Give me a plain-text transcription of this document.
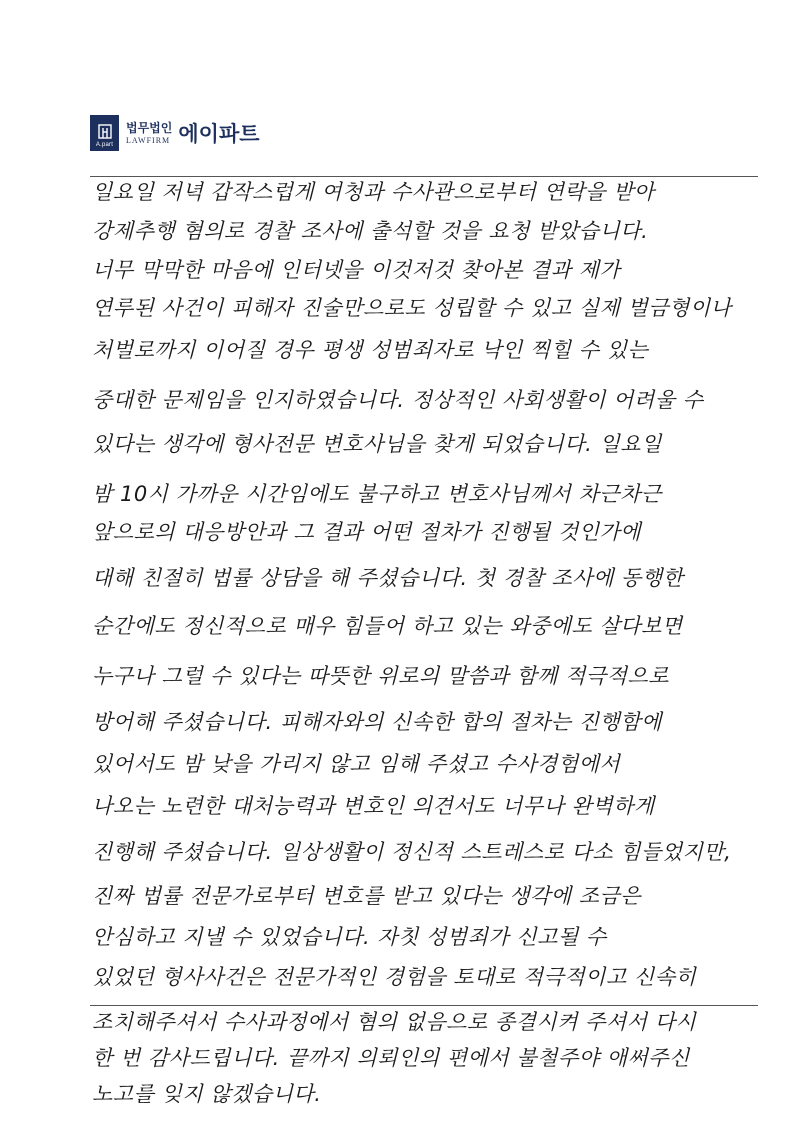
A.part
법무법인
LAWFIRM 에이파트
일요일 저녁 갑작스럽게 여청과 수사관으로부터 연락을 받아
강제추행 혐의로 경찰 조사에 출석할 것을 요청 받았습니다.
너무 막막한 마음에 인터넷을 이것저것 찾아본 결과 제가
연루된 사건이 피해자 진술만으로도 성립할 수 있고 실제 벌금형이나
처벌로까지 이어질 경우 평생 성범죄자로 낙인 찍힐 수 있는
중대한 문제임을 인지하였습니다. 정상적인 사회생활이 어려울 수
있다는 생각에 형사전문 변호사님을 찾게 되었습니다. 일요일
밤 10시 가까운 시간임에도 불구하고 변호사님께서 차근차근
앞으로의 대응방안과 그 결과 어떤 절차가 진행될 것인가에
대해 친절히 법률 상담을 해 주셨습니다. 첫 경찰 조사에 동행한
순간에도 정신적으로 매우 힘들어 하고 있는 와중에도 살다보면
누구나 그럴 수 있다는 따뜻한 위로의 말씀과 함께 적극적으로
방어해 주셨습니다. 피해자와의 신속한 합의 절차는 진행함에
있어서도 밤 낮을 가리지 않고 임해 주셨고 수사경험에서
나오는 노련한 대처능력과 변호인 의견서도 너무나 완벽하게
진행해 주셨습니다. 일상생활이 정신적 스트레스로 다소 힘들었지만,
진짜 법률 전문가로부터 변호를 받고 있다는 생각에 조금은
안심하고 지낼 수 있었습니다. 자칫 성범죄가 신고될 수
있었던 형사사건은 전문가적인 경험을 토대로 적극적이고 신속히
조치해주셔서 수사과정에서 혐의 없음으로 종결시켜 주셔서 다시
한 번 감사드립니다. 끝까지 의뢰인의 편에서 불철주야 애써주신
노고를 잊지 않겠습니다.
